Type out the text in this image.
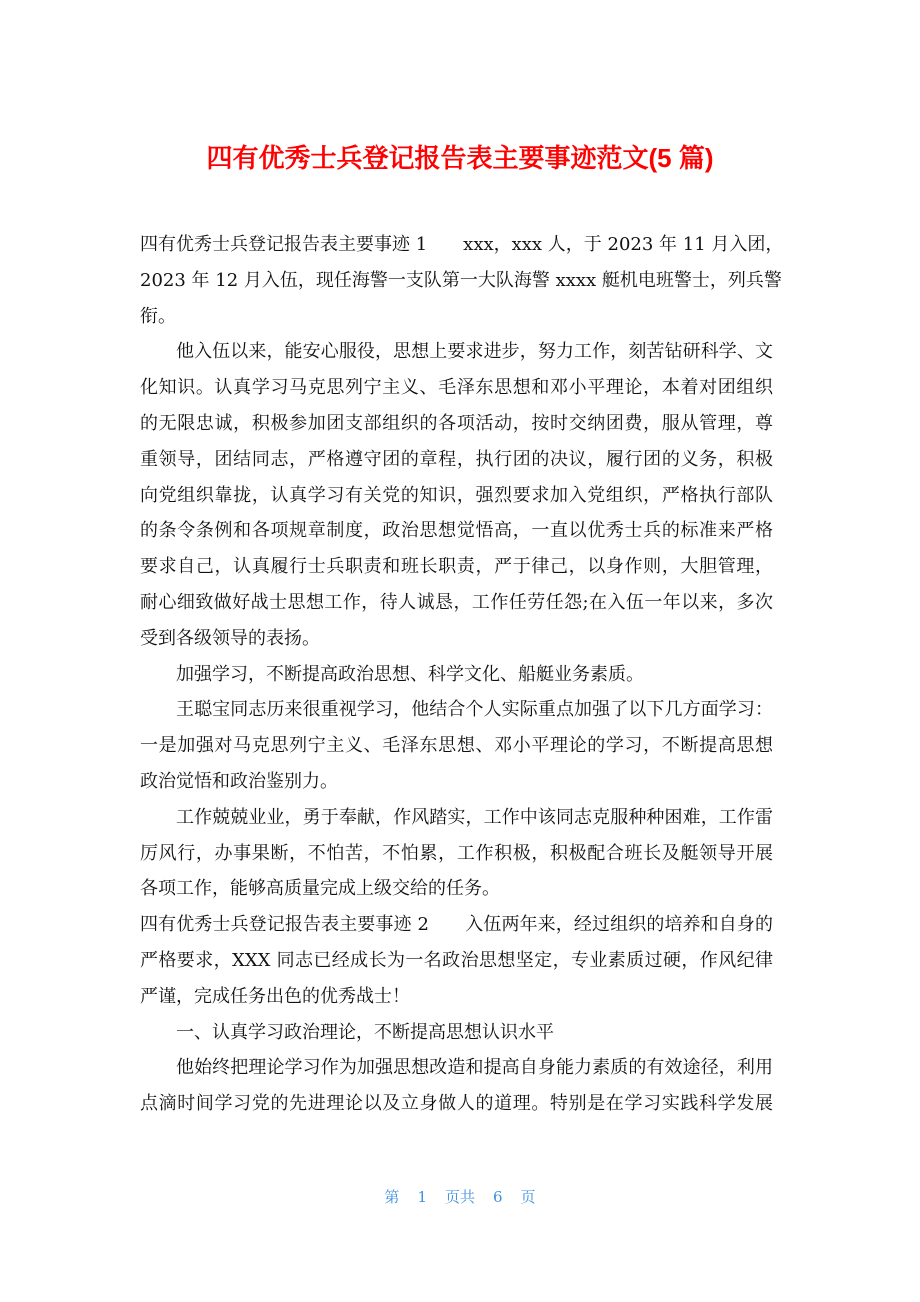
四有优秀士兵登记报告表主要事迹范文(5 篇)
四有优秀士兵登记报告表主要事迹 1　　xxx，xxx 人，于 2023 年 11 月入团，
2023 年 12 月入伍，现任海警一支队第一大队海警 xxxx 艇机电班警士，列兵警
衔。
他入伍以来，能安心服役，思想上要求进步，努力工作，刻苦钻研科学、文
化知识。认真学习马克思列宁主义、毛泽东思想和邓小平理论，本着对团组织
的无限忠诚，积极参加团支部组织的各项活动，按时交纳团费，服从管理，尊
重领导，团结同志，严格遵守团的章程，执行团的决议，履行团的义务，积极
向党组织靠拢，认真学习有关党的知识，强烈要求加入党组织，严格执行部队
的条令条例和各项规章制度，政治思想觉悟高，一直以优秀士兵的标准来严格
要求自己，认真履行士兵职责和班长职责，严于律己，以身作则，大胆管理，
耐心细致做好战士思想工作，待人诚恳，工作任劳任怨;在入伍一年以来，多次
受到各级领导的表扬。
加强学习，不断提高政治思想、科学文化、船艇业务素质。
王聪宝同志历来很重视学习，他结合个人实际重点加强了以下几方面学习：
一是加强对马克思列宁主义、毛泽东思想、邓小平理论的学习，不断提高思想
政治觉悟和政治鉴别力。
工作兢兢业业，勇于奉献，作风踏实，工作中该同志克服种种困难，工作雷
厉风行，办事果断，不怕苦，不怕累，工作积极，积极配合班长及艇领导开展
各项工作，能够高质量完成上级交给的任务。
四有优秀士兵登记报告表主要事迹 2　　入伍两年来，经过组织的培养和自身的
严格要求，XXX 同志已经成长为一名政治思想坚定，专业素质过硬，作风纪律
严谨，完成任务出色的优秀战士！
一、认真学习政治理论，不断提高思想认识水平
他始终把理论学习作为加强思想改造和提高自身能力素质的有效途径，利用
点滴时间学习党的先进理论以及立身做人的道理。特别是在学习实践科学发展
第 1 页共 6 页
